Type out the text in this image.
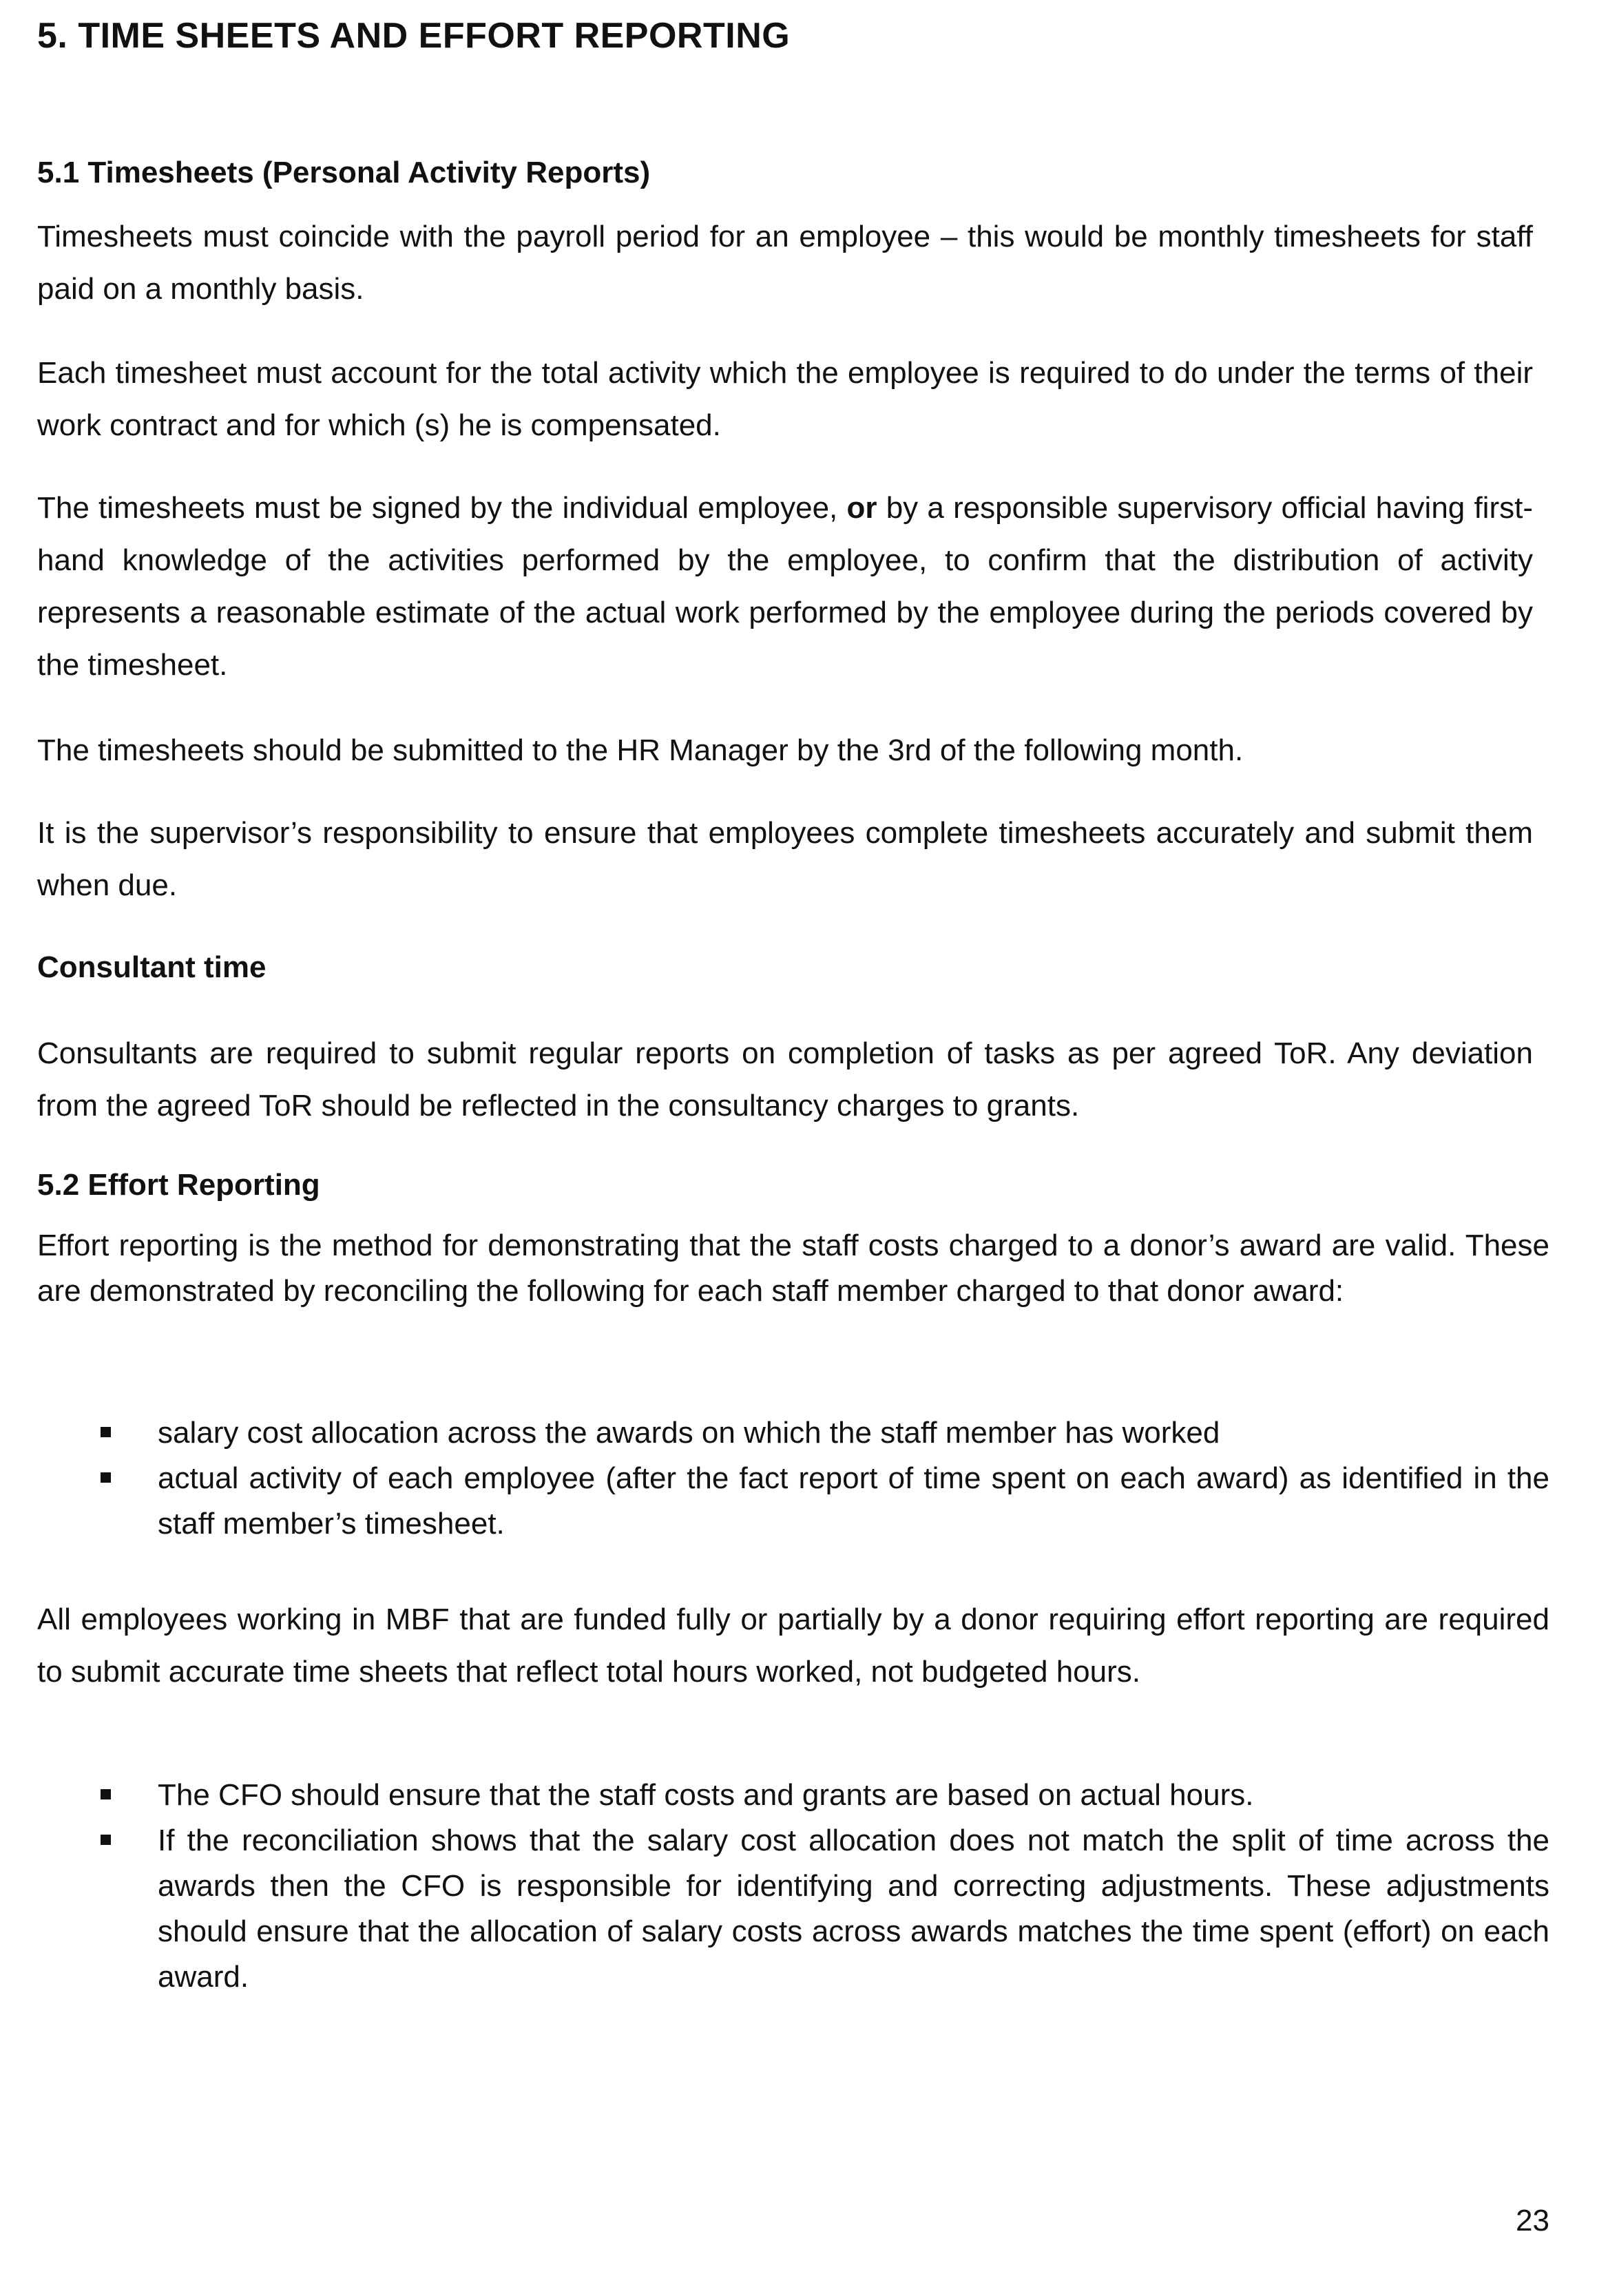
5. TIME SHEETS AND EFFORT REPORTING
5.1 Timesheets (Personal Activity Reports)

Timesheets must coincide with the payroll period for an employee – this would be monthly timesheets for staff paid on a monthly basis.

Each timesheet must account for the total activity which the employee is required to do under the terms of their work contract and for which (s) he is compensated.

The timesheets must be signed by the individual employee, or by a responsible supervisory official having first-hand knowledge of the activities performed by the employee, to confirm that the distribution of activity represents a reasonable estimate of the actual work performed by the employee during the periods covered by the timesheet.

The timesheets should be submitted to the HR Manager by the 3rd of the following month.

It is the supervisor’s responsibility to ensure that employees complete timesheets accurately and submit them when due.

Consultant time

Consultants are required to submit regular reports on completion of tasks as per agreed ToR. Any deviation from the agreed ToR should be reflected in the consultancy charges to grants.

5.2 Effort Reporting

Effort reporting is the method for demonstrating that the staff costs charged to a donor’s award are valid. These are demonstrated by reconciling the following for each staff member charged to that donor award:

salary cost allocation across the awards on which the staff member has worked
actual activity of each employee (after the fact report of time spent on each award) as identified in the staff member’s timesheet.

All employees working in MBF that are funded fully or partially by a donor requiring effort reporting are required to submit accurate time sheets that reflect total hours worked, not budgeted hours.

The CFO should ensure that the staff costs and grants are based on actual hours.
If the reconciliation shows that the salary cost allocation does not match the split of time across the awards then the CFO is responsible for identifying and correcting adjustments. These adjustments should ensure that the allocation of salary costs across awards matches the time spent (effort) on each award.
23
